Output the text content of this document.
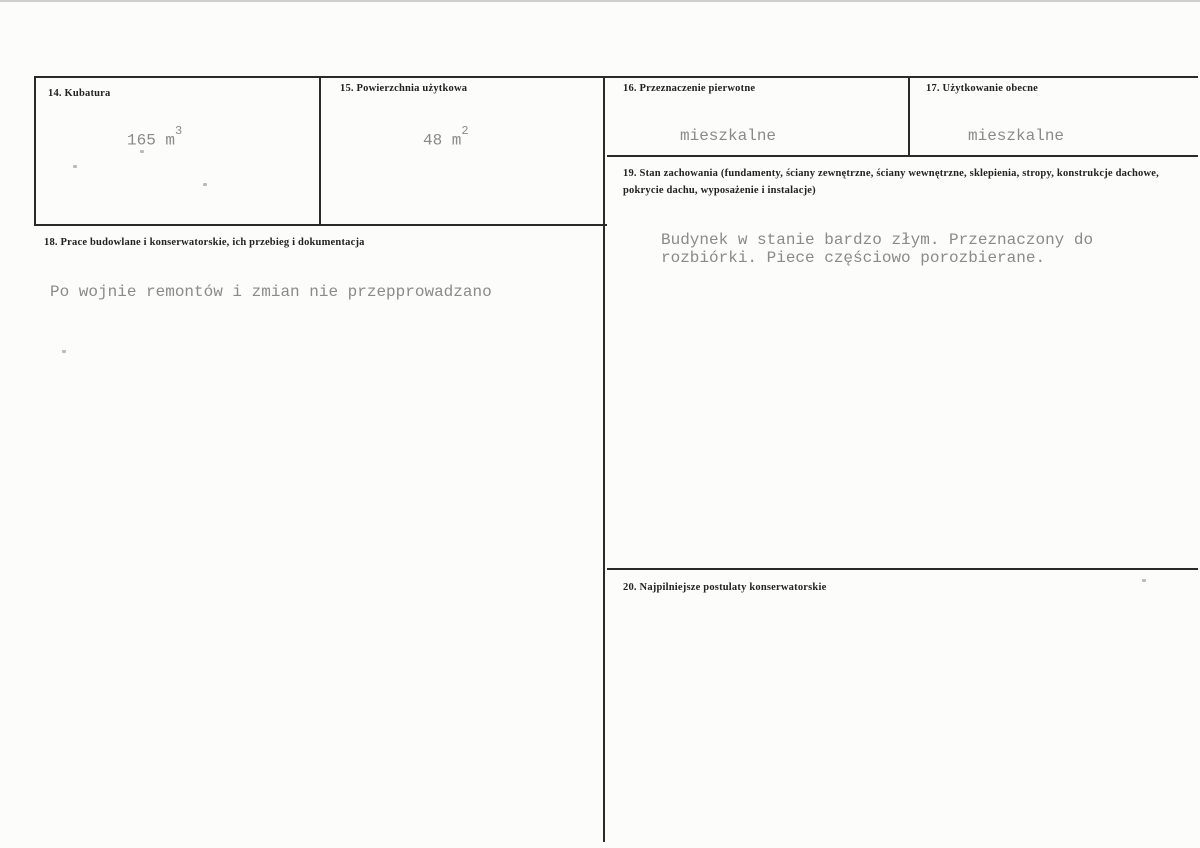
14. Kubatura
165 $m^3$
15. Powierzchnia użytkowa
48 $m^2$
16. Przeznaczenie pierwotne
mieszkalne
17. Użytkowanie obecne
mieszkalne
18. Prace budowlane i konserwatorskie, ich przebieg i dokumentacja
Po wojnie remontów i zmian nie przepprowadzano
19. Stan zachowania (fundamenty, ściany zewnętrzne, ściany wewnętrzne, sklepienia, stropy, konstrukcje dachowe, pokrycie dachu, wyposażenie i instalacje)
Budynek w stanie bardzo złym. Przeznaczony do rozbiórki. Piece częściowo porozbierane.
20. Najpilniejsze postulaty konserwatorskie
